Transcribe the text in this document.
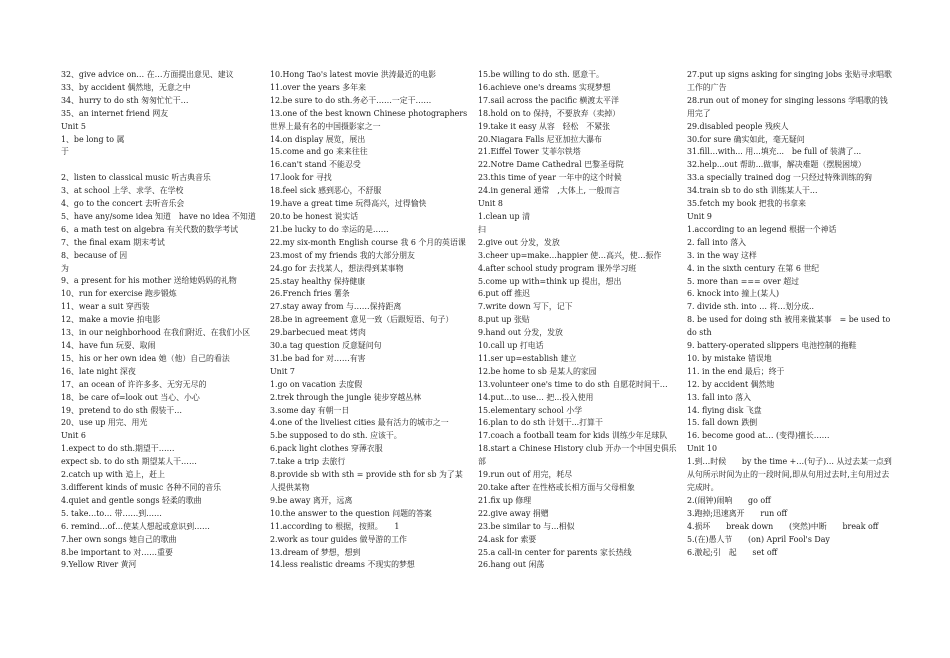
32、give advice on… 在…方面提出意见、建议
33、by accident 偶然地，无意之中
34、hurry to do sth 匆匆忙忙干…
35、an internet friend 网友
Unit 5
1、be long to 属
于
2、listen to classical music 听古典音乐
3、at school 上学、求学、在学校
4、go to the concert 去听音乐会
5、have any/some idea 知道　have no idea 不知道
6、a math test on algebra 有关代数的数学考试
7、the final exam 期末考试
8、because of 因
为
9、a present for his mother 送给她妈妈的礼物
10、run for exercise 跑步锻炼
11、wear a suit 穿西装
12、make a movie 拍电影
13、in our neighborhood 在我们附近、在我们小区
14、have fun 玩耍、取闹
15、his or her own idea 她（他）自己的看法
16、late night 深夜
17、an ocean of 许许多多、无穷无尽的
18、be care of=look out 当心、小心
19、pretend to do sth 假装干…
20、use up 用完、用光
Unit 6
1.expect to do sth.期望干……
expect sb. to do sth 期望某人干……
2.catch up with 追上，赶上
3.different kinds of music 各种不同的音乐
4.quiet and gentle songs 轻柔的歌曲
5. take…to… 带……到……
6. remind…of…使某人想起或意识到……
7.her own songs 她自己的歌曲
8.be important to 对……重要
9.Yellow River 黄河
10.Hong Tao's latest movie 洪涛最近的电影
11.over the years 多年来
12.be sure to do sth.务必干……一定干……
13.one of the best known Chinese photographers 世界上最有名的中国摄影家之一
14.on display 展览，展出
15.come and go 来来往往
16.can't stand 不能忍受
17.look for 寻找
18.feel sick 感到恶心，不舒服
19.have a great time 玩得高兴，过得愉快
20.to be honest 说实话
21.be lucky to do 幸运的是……
22.my six-month English course 我 6 个月的英语课
23.most of my friends 我的大部分朋友
24.go for 去找某人，想法得到某事物
25.stay healthy 保持健康
26.French fries 薯条
27.stay away from 与……保持距离
28.be in agreement 意见一致（后跟短语、句子）
29.barbecued meat 烤肉
30.a tag question 反意疑问句
31.be bad for 对……有害
Unit 7
1.go on vacation 去度假
2.trek through the jungle 徒步穿越丛林
3.some day 有朝一日
4.one of the liveliest cities 最有活力的城市之一
5.be supposed to do sth. 应该干。
6.pack light clothes 穿薄衣服
7.take a trip 去旅行
8.provide sb with sth = provide sth for sb 为了某人提供某物
9.be away 离开，远离
10.the answer to the question 问题的答案
11.according to 根据，按照。　　1
2.work as tour guides 做导游的工作
13.dream of 梦想，想到
14.less realistic dreams 不现实的梦想
15.be willing to do sth. 愿意干。
16.achieve one's dreams 实现梦想
17.sail across the pacific 横渡太平洋
18.hold on to 保持，不要放弃（卖掉）
19.take it easy 从容　轻松　不紧张
20.Niagara Falls 尼亚加拉大瀑布
21.Eiffel Tower 艾菲尔铁塔
22.Notre Dame Cathedral 巴黎圣母院
23.this time of year 一年中的这个时候
24.in general 通常　,大体上, 一般而言
Unit 8
1.clean up 清
扫
2.give out 分发，发放
3.cheer up=make…happier 使…高兴，使…振作
4.after school study program 课外学习班
5.come up with=think up 提出，想出
6.put off 推迟
7.write down 写下，记下
8.put up 张贴
9.hand out 分发，发放
10.call up 打电话
11.ser up=establish 建立
12.be home to sb 是某人的家园
13.volunteer one's time to do sth 自愿花时间干…
14.put…to use… 把...投入使用
15.elementary school 小学
16.plan to do sth 计划干...打算干
17.coach a football team for kids 训练少年足球队
18.start a Chinese History club 开办一个中国史俱乐部
19.run out of 用完，耗尽
20.take after 在性格或长相方面与父母相象
21.fix up 修理
22.give away 捐赠
23.be similar to 与...相似
24.ask for 索要
25.a call-in center for parents 家长热线
26.hang out 闲荡
27.put up signs asking for singing jobs 张贴寻求唱歌工作的广告
28.run out of money for singing lessons 学唱歌的钱用完了
29.disabled people 残疾人
30.for sure 确实如此，毫无疑问
31.fill…with... 用...填充...　be full of 装满了...
32.help...out 帮助...做事，解决难题（摆脱困境）
33.a specially trained dog 一只经过特殊训练的狗
34.train sb to do sth 训练某人干...
35.fetch my book 把我的书拿来
Unit 9
1.according to an legend 根据一个神话
2. fall into 落入
3. in the way 这样
4. in the sixth century 在第 6 世纪
5. more than === over 超过
6. knock into 撞上(某人)
7. divide sth. into … 将…划分成..
8. be used for doing sth 被用来做某事　= be used to do sth
9. battery-operated slippers 电池控制的拖鞋
10. by mistake 错误地
11. in the end 最后；终于
12. by accident 偶然地
13. fall into 落入
14. flying disk 飞盘
15. fall down 跌倒
16. become good at… (变得)擅长……
Unit 10
1.到…时候　　by the time +…(句子)… 从过去某一点到从句所示时间为止的一段时间,即从句用过去时,主句用过去完成时。
2.(闹钟)闹响　　go off
3.跑掉;迅速离开　　run off
4.损坏　　break down　　(突然)中断　　break off
5.(在)愚人节　　(on) April Fool's Day
6.激起;引　起　　set off
